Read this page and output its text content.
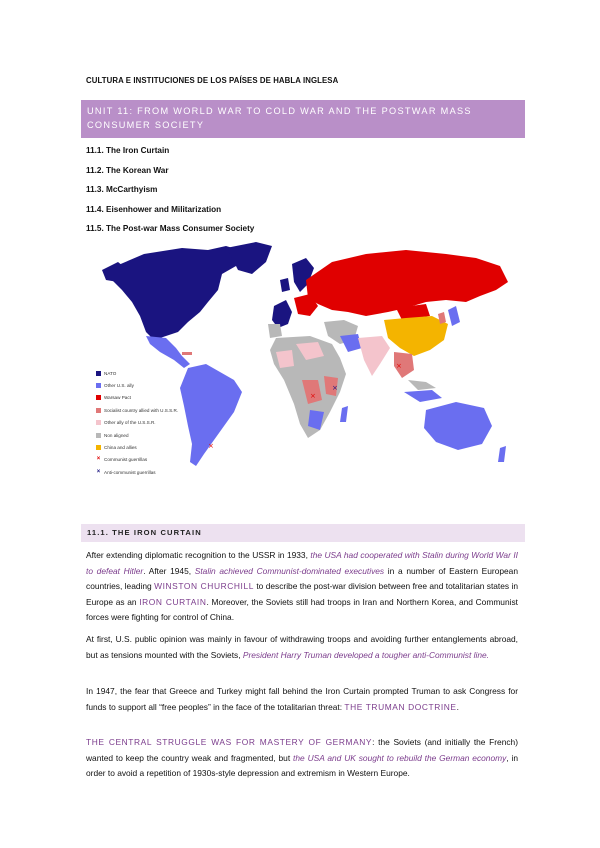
CULTURA E INSTITUCIONES DE LOS PAÍSES DE HABLA INGLESA
UNIT 11: FROM WORLD WAR TO COLD WAR AND THE POSTWAR MASS CONSUMER SOCIETY
11.1. The Iron Curtain
11.2. The Korean War
11.3. McCarthyism
11.4. Eisenhower and Militarization
11.5. The Post-war Mass Consumer Society
×
×
×
×
NATO
Other U.S. ally
Warsaw Pact
Socialist country allied with U.S.S.R.
Other ally of the U.S.S.R.
Non aligned
China and allies
× Communist guerrillas
× Anti-communist guerrillas
11.1. THE IRON CURTAIN

After extending diplomatic recognition to the USSR in 1933, the USA had cooperated with Stalin during World War II to defeat Hitler. After 1945, Stalin achieved Communist-dominated executives in a number of Eastern European countries, leading WINSTON CHURCHILL to describe the post-war division between free and totalitarian states in Europe as an IRON CURTAIN. Moreover, the Soviets still had troops in Iran and Northern Korea, and Communist forces were fighting for control of China.

At first, U.S. public opinion was mainly in favour of withdrawing troops and avoiding further entanglements abroad, but as tensions mounted with the Soviets, President Harry Truman developed a tougher anti-Communist line.

In 1947, the fear that Greece and Turkey might fall behind the Iron Curtain prompted Truman to ask Congress for funds to support all “free peoples” in the face of the totalitarian threat: THE TRUMAN DOCTRINE.

THE CENTRAL STRUGGLE WAS FOR MASTERY OF GERMANY: the Soviets (and initially the French) wanted to keep the country weak and fragmented, but the USA and UK sought to rebuild the German economy, in order to avoid a repetition of 1930s-style depression and extremism in Western Europe.
